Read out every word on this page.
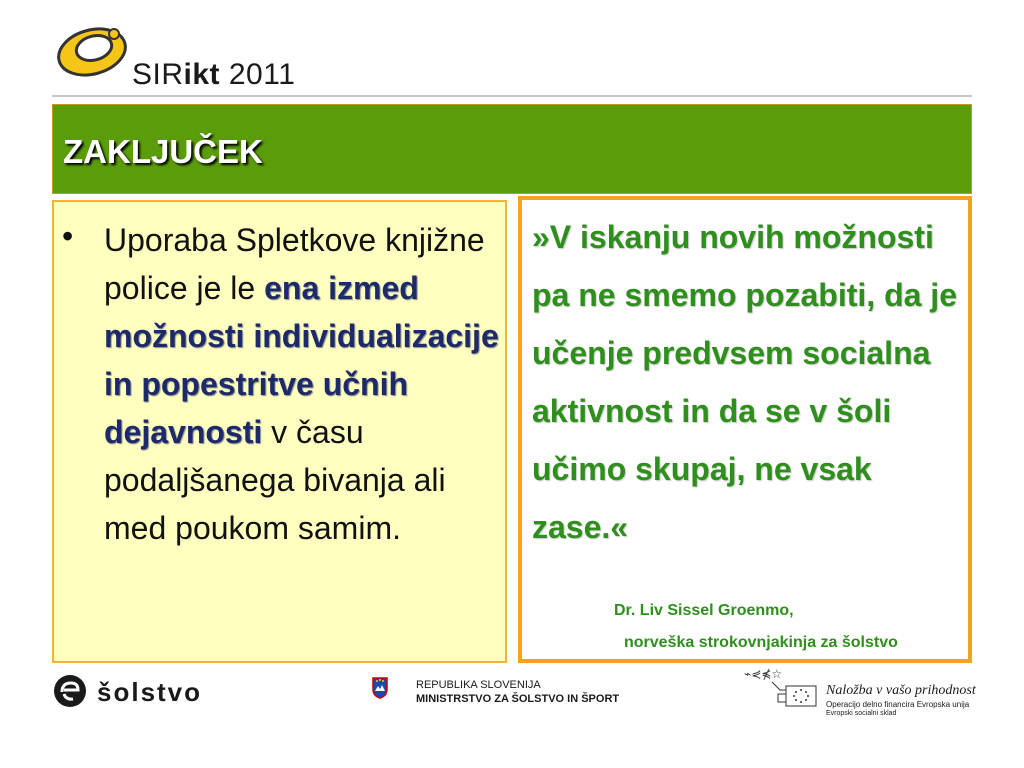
SIRikt 2011
ZAKLJUČEK
• Uporaba Spletkove knjižne police je le ena izmed možnosti individualizacije in popestritve učnih dejavnosti v času podaljšanega bivanja ali med poukom samim.
»V iskanju novih možnosti pa ne smemo pozabiti, da je učenje predvsem socialna aktivnost in da se v šoli učimo skupaj, ne vsak zase.«
Dr. Liv Sissel Groenmo,
norveška strokovnjakinja za šolstvo
šolstvo	REPUBLIKA SLOVENIJA
MINISTRSTVO ZA ŠOLSTVO IN ŠPORT
⌁⋞⋠☆
Naložba v vašo prihodnost
Operacijo delno financira Evropska unija
Evropski socialni sklad
